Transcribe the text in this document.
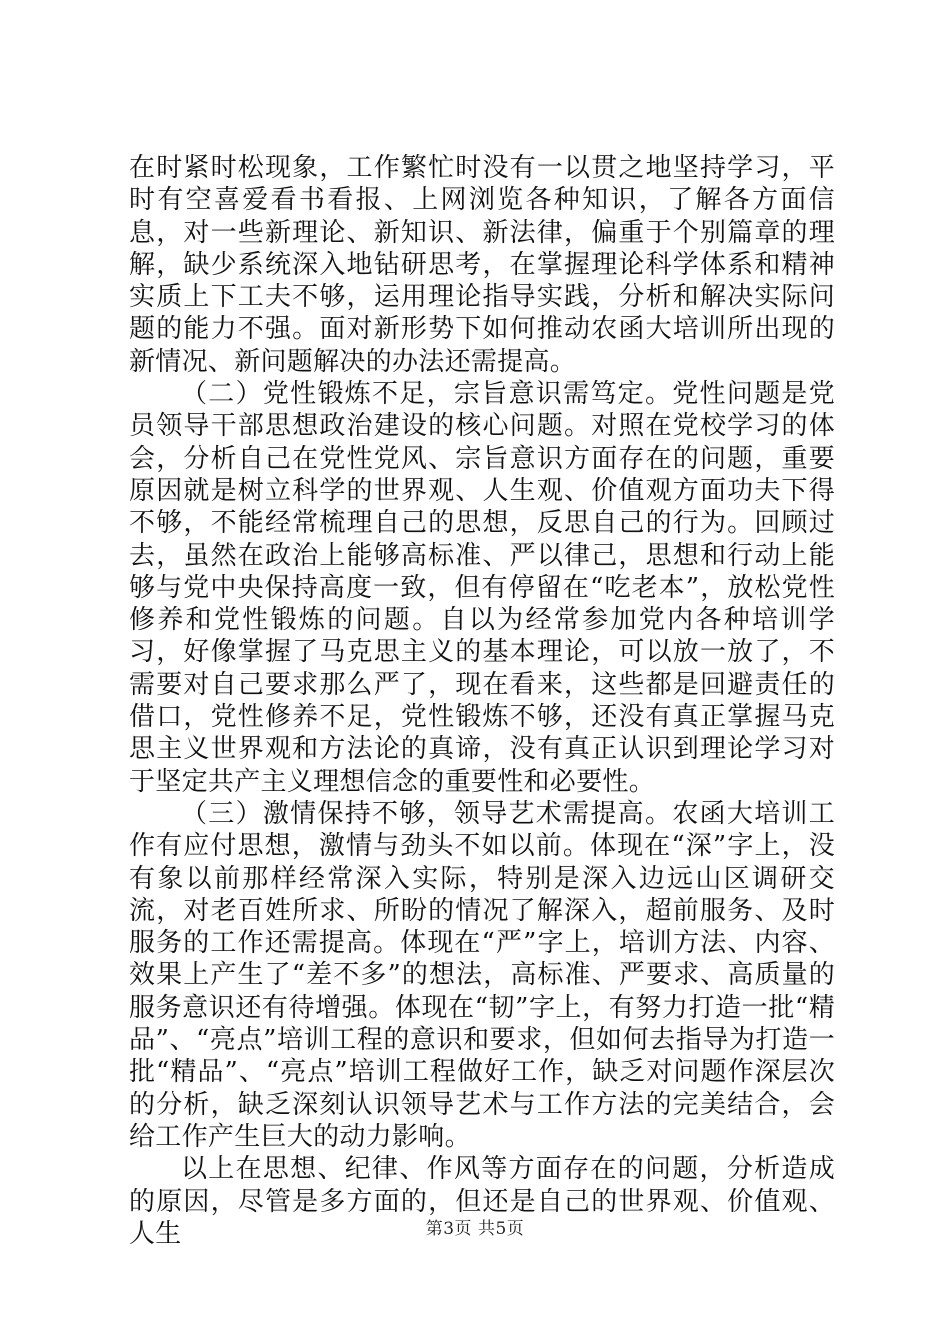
在时紧时松现象，工作繁忙时没有一以贯之地坚持学习，平时有空喜爱看书看报、上网浏览各种知识，了解各方面信息，对一些新理论、新知识、新法律，偏重于个别篇章的理解，缺少系统深入地钻研思考，在掌握理论科学体系和精神实质上下工夫不够，运用理论指导实践，分析和解决实际问题的能力不强。面对新形势下如何推动农函大培训所出现的新情况、新问题解决的办法还需提高。

（二）党性锻炼不足，宗旨意识需笃定。党性问题是党员领导干部思想政治建设的核心问题。对照在党校学习的体会，分析自己在党性党风、宗旨意识方面存在的问题，重要原因就是树立科学的世界观、人生观、价值观方面功夫下得不够，不能经常梳理自己的思想，反思自己的行为。回顾过去，虽然在政治上能够高标准、严以律己，思想和行动上能够与党中央保持高度一致，但有停留在“吃老本”，放松党性修养和党性锻炼的问题。自以为经常参加党内各种培训学习，好像掌握了马克思主义的基本理论，可以放一放了，不需要对自己要求那么严了，现在看来，这些都是回避责任的借口，党性修养不足，党性锻炼不够，还没有真正掌握马克思主义世界观和方法论的真谛，没有真正认识到理论学习对于坚定共产主义理想信念的重要性和必要性。

（三）激情保持不够，领导艺术需提高。农函大培训工作有应付思想，激情与劲头不如以前。体现在“深”字上，没有象以前那样经常深入实际，特别是深入边远山区调研交流，对老百姓所求、所盼的情况了解深入，超前服务、及时服务的工作还需提高。体现在“严”字上，培训方法、内容、效果上产生了“差不多”的想法，高标准、严要求、高质量的服务意识还有待增强。体现在“韧”字上，有努力打造一批“精品”、“亮点”培训工程的意识和要求，但如何去指导为打造一批“精品”、“亮点”培训工程做好工作，缺乏对问题作深层次的分析，缺乏深刻认识领导艺术与工作方法的完美结合，会给工作产生巨大的动力影响。

以上在思想、纪律、作风等方面存在的问题，分析造成的原因，尽管是多方面的，但还是自己的世界观、价值观、人生	第3页 共5页
